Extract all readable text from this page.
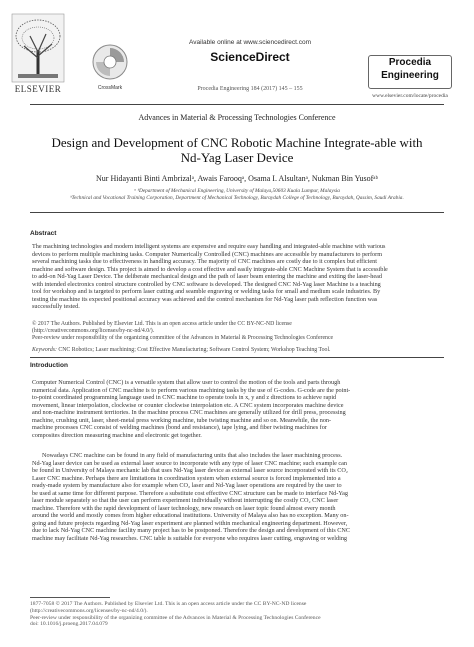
ELSEVIER	CrossMark
Available online at www.sciencedirect.com
ScienceDirect
Procedia Engineering 184 (2017) 145 – 155
Procedia
Engineering
www.elsevier.com/locate/procedia
Advances in Material & Processing Technologies Conference
Design and Development of CNC Robotic Machine Integrate-able with
Nd-Yag Laser Device
Nur Hidayanti Binti Ambrizalᵃ, Awais Farooqᵃ, Osama I. Alsultanᵃ, Nukman Bin Yusofᵃᵇ
ᵃ ᵇDepartment of Mechanical Engineering, University of Malaya,50603 Kuala Lumpur, Malaysia
ᵇTechnical and Vocational Training Corporation, Department of Mechanical Technology, Buraydah College of Technology, Buraydah, Qassim, Saudi Arabia.
Abstract
The machining technologies and modern intelligent systems are expensive and require easy handling and integrated-able machine with various
devices to perform multiple machining tasks. Computer Numerically Controlled (CNC) machines are accessible by manufacturers to perform
several machining tasks due to effectiveness in handling accuracy. The majority of CNC machines are costly due to it complex but efficient
machine and software design. This project is aimed to develop a cost effective and easily integrate-able CNC Machine System that is accessible
to add-on Nd-Yag Laser Device. The deliberate mechanical design and the path of laser beam entering the machine and exiting the laser-head
with intended electronics control structure controlled by CNC software is developed. The designed CNC Nd-Yag laser Machine is a teaching
tool for workshop and is targeted to perform laser cutting and seamble engraving or welding tasks for small and medium scale industries. By
testing the machine its expected positional accuracy was achieved and the control mechanism for Nd-Yag laser path reflection function was
successfully tested.
© 2017 The Authors. Published by Elsevier Ltd. This is an open access article under the CC BY-NC-ND license
(http://creativecommons.org/licenses/by-nc-nd/4.0/).
Peer-review under responsibility of the organizing committee of the Advances in Material & Processing Technologies Conference
Keywords: CNC Robotics; Laser machining; Cost Effective Manufacturing; Software Control System; Workshop Teaching Tool.
Introduction
Computer Numerical Control (CNC) is a versatile system that allow user to control the motion of the tools and parts through
numerical data. Application of CNC machine is to perform various machining tasks by the use of G-codes. G-code are the point-
to-point coordinated programming language used in CNC machine to operate tools in x, y and z directions to achieve rapid
movement, linear interpolation, clockwise or counter clockwise interpolation etc. A CNC system incorporates machine device
and non-machine instrument territories. In the machine process CNC machines are generally utilized for drill press, processing
machine, crushing unit, laser, sheet-metal press working machine, tube twisting machine and so on. Meanwhile, the non-
machine processes CNC consist of welding machines (bond and resistance), tape lying, and fiber twisting machines for
composites direction measuring machine and electronic get together.
Nowadays CNC machine can be found in any field of manufacturing units that also includes the laser machining process.
Nd-Yag laser device can be used as external laser source to incorporate with any type of laser CNC machine; such example can
be found in University of Malaya mechanic lab that uses Nd-Yag laser device as external laser source incorporated with its CO₂
Laser CNC machine. Perhaps there are limitations in coordination system when external source is forced implemented into a
ready-made system by manufacture also for example when CO₂ laser and Nd-Yag laser operations are required by the user to
be used at same time for different purpose. Therefore a substitute cost effective CNC structure can be made to interface Nd-Yag
laser module separately so that the user can perform experiment individually without interrupting the costly CO₂ CNC laser
machine. Therefore with the rapid development of laser technology, new research on laser topic found almost every month
around the world and mostly comes from higher educational institutions. University of Malaya also has no exception. Many on-
going and future projects regarding Nd-Yag laser experiment are planned within mechanical engineering department. However,
due to lack Nd-Yag CNC machine facility many project has to be postponed. Therefore the design and development of this CNC
machine may facilitate Nd-Yag researches. CNC table is suitable for everyone who requires laser cutting, engraving or welding
1877-7058 © 2017 The Authors. Published by Elsevier Ltd. This is an open access article under the CC BY-NC-ND license
(http://creativecommons.org/licenses/by-nc-nd/4.0/).
Peer-review under responsibility of the organizing committee of the Advances in Material & Processing Technologies Conference
doi: 10.1016/j.proeng.2017.04.079
